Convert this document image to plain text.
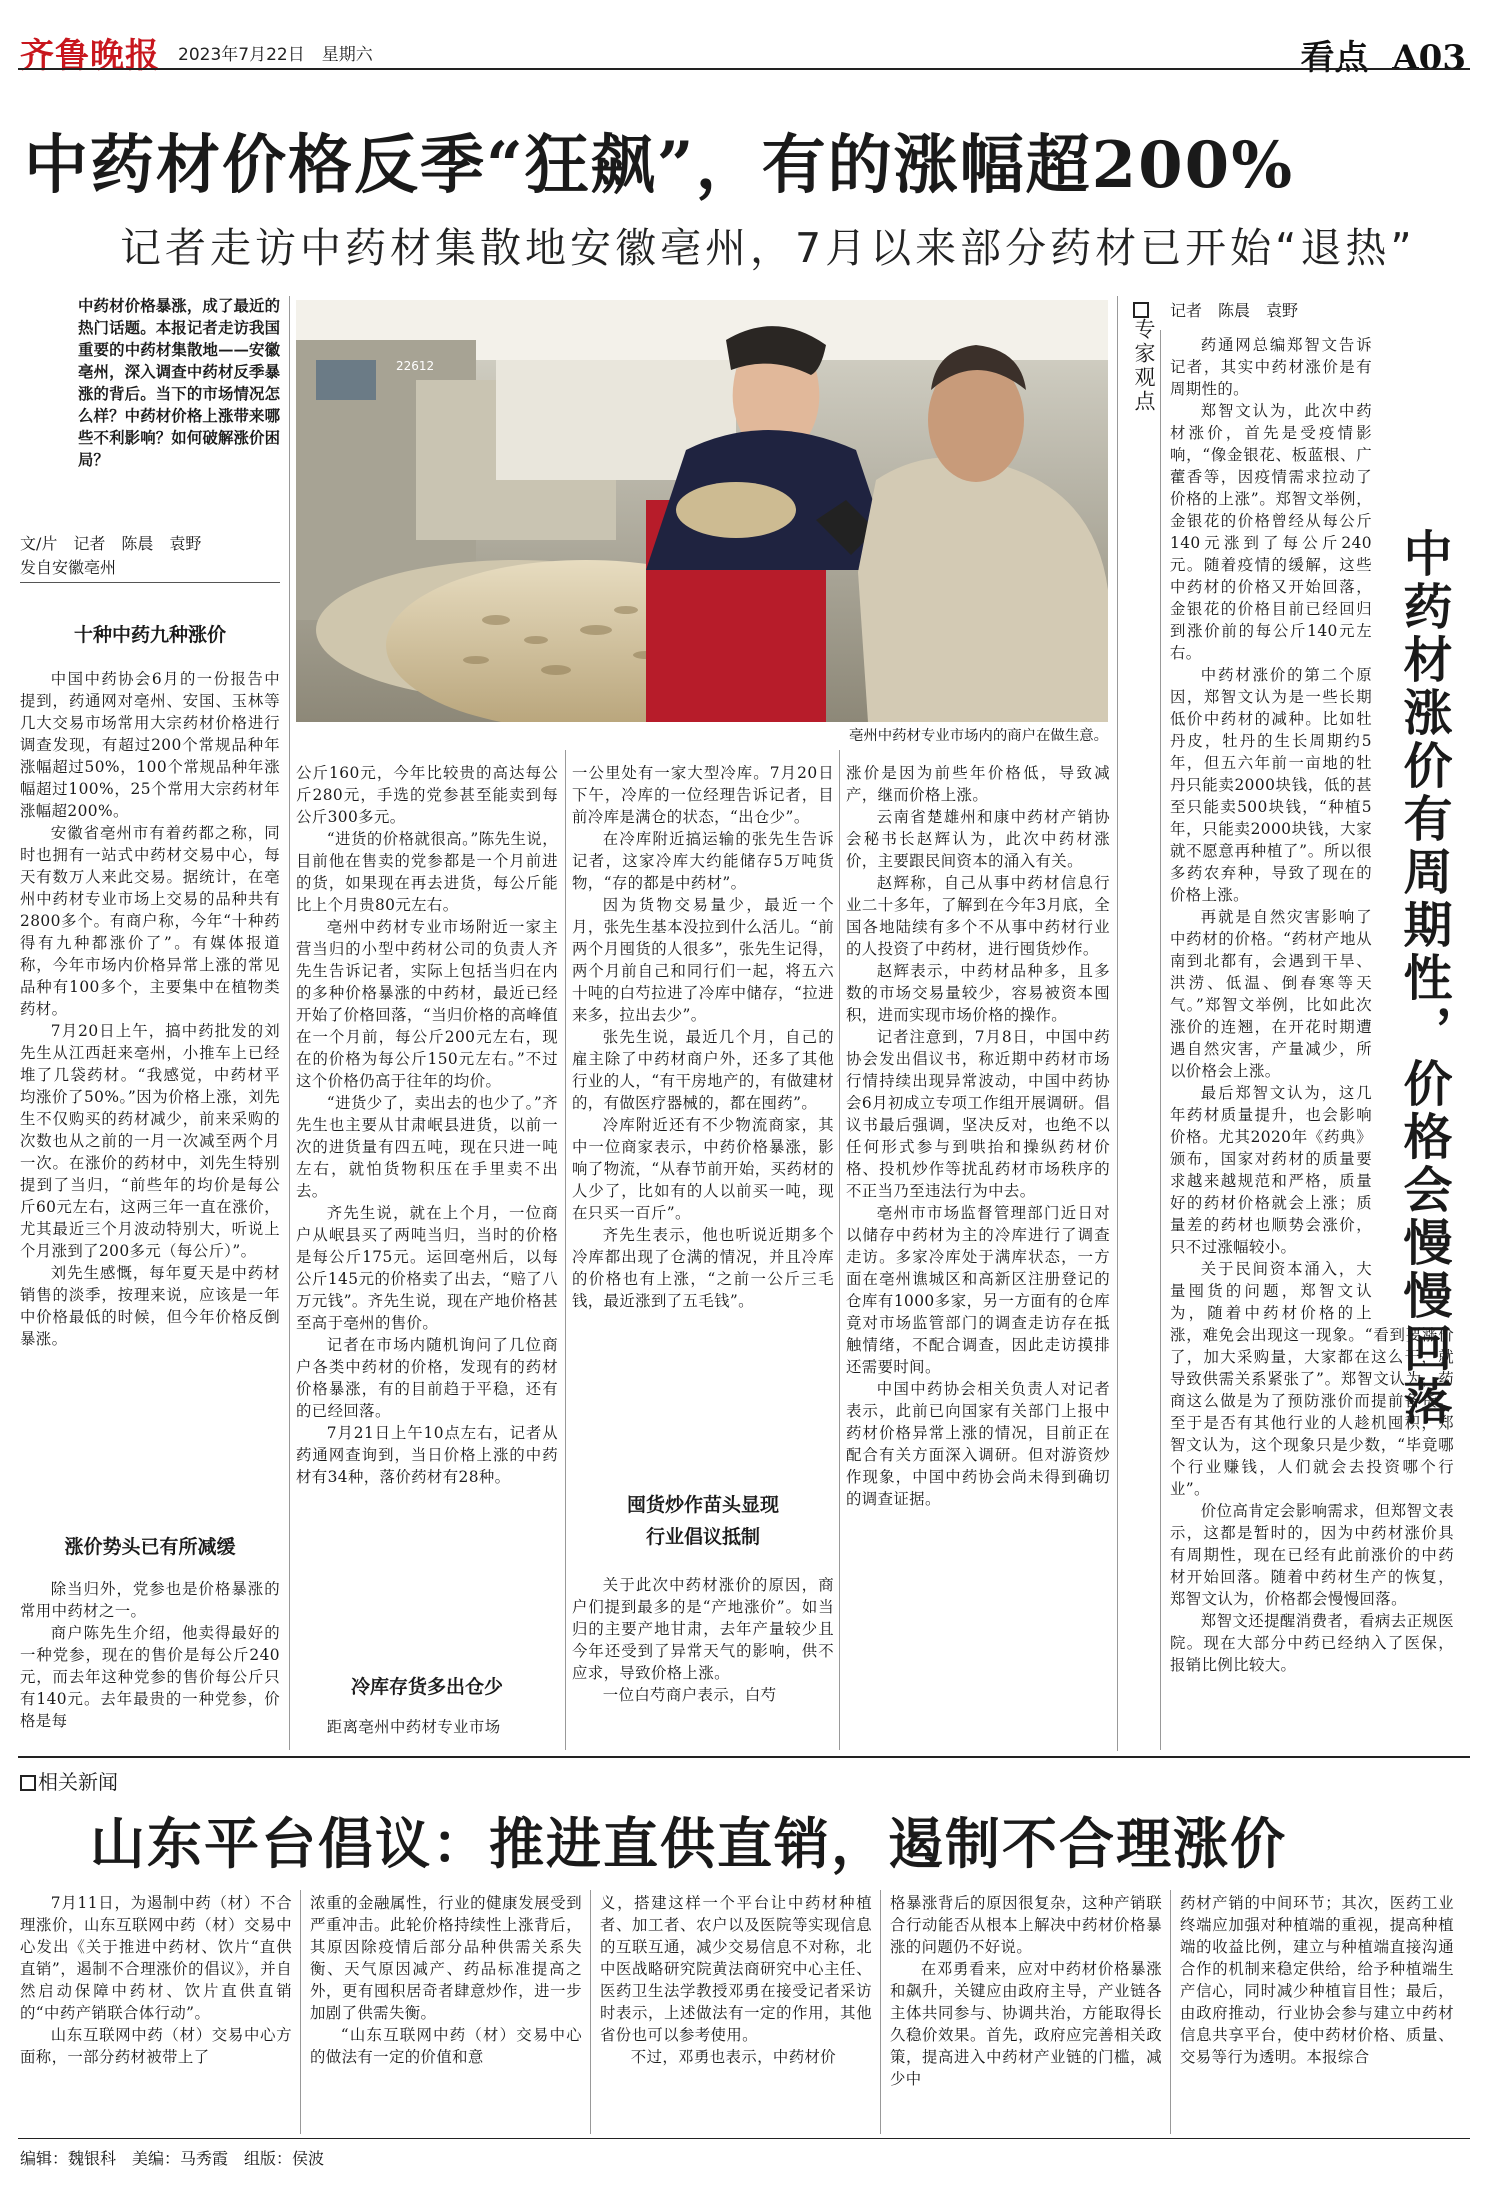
齐鲁晚报 2023年7月22日　星期六	看点 A03
中药材价格反季“狂飙”，有的涨幅超200%
记者走访中药材集散地安徽亳州，7月以来部分药材已开始“退热”
中药材价格暴涨，成了最近的热门话题。本报记者走访我国重要的中药材集散地——安徽亳州，深入调查中药材反季暴涨的背后。当下的市场情况怎么样？中药材价格上涨带来哪些不利影响？如何破解涨价困局？
文/片　记者　陈晨　袁野
发自安徽亳州
22612
亳州中药材专业市场内的商户在做生意。
十种中药九种涨价

中国中药协会6月的一份报告中提到，药通网对亳州、安国、玉林等几大交易市场常用大宗药材价格进行调查发现，有超过200个常规品种年涨幅超过50%，100个常规品种年涨幅超过100%，25个常用大宗药材年涨幅超200%。

安徽省亳州市有着药都之称，同时也拥有一站式中药材交易中心，每天有数万人来此交易。据统计，在亳州中药材专业市场上交易的品种共有2800多个。有商户称，今年“十种药得有九种都涨价了”。有媒体报道称，今年市场内价格异常上涨的常见品种有100多个，主要集中在植物类药材。

7月20日上午，搞中药批发的刘先生从江西赶来亳州，小推车上已经堆了几袋药材。“我感觉，中药材平均涨价了50%。”因为价格上涨，刘先生不仅购买的药材减少，前来采购的次数也从之前的一月一次减至两个月一次。在涨价的药材中，刘先生特别提到了当归，“前些年的均价是每公斤60元左右，这两三年一直在涨价，尤其最近三个月波动特别大，听说上个月涨到了200多元（每公斤）”。

刘先生感慨，每年夏天是中药材销售的淡季，按理来说，应该是一年中价格最低的时候，但今年价格反倒暴涨。

涨价势头已有所减缓

除当归外，党参也是价格暴涨的常用中药材之一。

商户陈先生介绍，他卖得最好的一种党参，现在的售价是每公斤240元，而去年这种党参的售价每公斤只有140元。去年最贵的一种党参，价格是每

公斤160元，今年比较贵的高达每公斤280元，手选的党参甚至能卖到每公斤300多元。

“进货的价格就很高。”陈先生说，目前他在售卖的党参都是一个月前进的货，如果现在再去进货，每公斤能比上个月贵80元左右。

亳州中药材专业市场附近一家主营当归的小型中药材公司的负责人齐先生告诉记者，实际上包括当归在内的多种价格暴涨的中药材，最近已经开始了价格回落，“当归价格的高峰值在一个月前，每公斤200元左右，现在的价格为每公斤150元左右。”不过这个价格仍高于往年的均价。

“进货少了，卖出去的也少了。”齐先生也主要从甘肃岷县进货，以前一次的进货量有四五吨，现在只进一吨左右，就怕货物积压在手里卖不出去。

齐先生说，就在上个月，一位商户从岷县买了两吨当归，当时的价格是每公斤175元。运回亳州后，以每公斤145元的价格卖了出去，“赔了八万元钱”。齐先生说，现在产地价格甚至高于亳州的售价。

记者在市场内随机询问了几位商户各类中药材的价格，发现有的药材价格暴涨，有的目前趋于平稳，还有的已经回落。

7月21日上午10点左右，记者从药通网查询到，当日价格上涨的中药材有34种，落价药材有28种。

冷库存货多出仓少

距离亳州中药材专业市场

一公里处有一家大型冷库。7月20日下午，冷库的一位经理告诉记者，目前冷库是满仓的状态，“出仓少”。

在冷库附近搞运输的张先生告诉记者，这家冷库大约能储存5万吨货物，“存的都是中药材”。

因为货物交易量少，最近一个月，张先生基本没拉到什么活儿。“前两个月囤货的人很多”，张先生记得，两个月前自己和同行们一起，将五六十吨的白芍拉进了冷库中储存，“拉进来多，拉出去少”。

张先生说，最近几个月，自己的雇主除了中药材商户外，还多了其他行业的人，“有干房地产的，有做建材的，有做医疗器械的，都在囤药”。

冷库附近还有不少物流商家，其中一位商家表示，中药价格暴涨，影响了物流，“从春节前开始，买药材的人少了，比如有的人以前买一吨，现在只买一百斤”。

齐先生表示，他也听说近期多个冷库都出现了仓满的情况，并且冷库的价格也有上涨，“之前一公斤三毛钱，最近涨到了五毛钱”。

囤货炒作苗头显现
行业倡议抵制

关于此次中药材涨价的原因，商户们提到最多的是“产地涨价”。如当归的主要产地甘肃，去年产量较少且今年还受到了异常天气的影响，供不应求，导致价格上涨。

一位白芍商户表示，白芍

涨价是因为前些年价格低，导致减产，继而价格上涨。

云南省楚雄州和康中药材产销协会秘书长赵辉认为，此次中药材涨价，主要跟民间资本的涌入有关。

赵辉称，自己从事中药材信息行业二十多年，了解到在今年3月底，全国各地陆续有多个不从事中药材行业的人投资了中药材，进行囤货炒作。

赵辉表示，中药材品种多，且多数的市场交易量较少，容易被资本囤积，进而实现市场价格的操作。

记者注意到，7月8日，中国中药协会发出倡议书，称近期中药材市场行情持续出现异常波动，中国中药协会6月初成立专项工作组开展调研。倡议书最后强调，坚决反对，也绝不以任何形式参与到哄抬和操纵药材价格、投机炒作等扰乱药材市场秩序的不正当乃至违法行为中去。

亳州市市场监督管理部门近日对以储存中药材为主的冷库进行了调查走访。多家冷库处于满库状态，一方面在亳州谯城区和高新区注册登记的仓库有1000多家，另一方面有的仓库竟对市场监管部门的调查走访存在抵触情绪，不配合调查，因此走访摸排还需要时间。

中国中药协会相关负责人对记者表示，此前已向国家有关部门上报中药材价格异常上涨的情况，目前正在配合有关方面深入调研。但对游资炒作现象，中国中药协会尚未得到确切的调查证据。

专家观点
记者　陈晨　袁野
中药材涨价有周期性，价格会慢慢回落

药通网总编郑智文告诉记者，其实中药材涨价是有周期性的。

郑智文认为，此次中药材涨价，首先是受疫情影响，“像金银花、板蓝根、广藿香等，因疫情需求拉动了价格的上涨”。郑智文举例，金银花的价格曾经从每公斤140元涨到了每公斤240元。随着疫情的缓解，这些中药材的价格又开始回落，金银花的价格目前已经回归到涨价前的每公斤140元左右。

中药材涨价的第二个原因，郑智文认为是一些长期低价中药材的减种。比如牡丹皮，牡丹的生长周期约5年，但五六年前一亩地的牡丹只能卖2000块钱，低的甚至只能卖500块钱，“种植5年，只能卖2000块钱，大家就不愿意再种植了”。所以很多药农弃种，导致了现在的价格上涨。

再就是自然灾害影响了中药材的价格。“药材产地从南到北都有，会遇到干旱、洪涝、低温、倒春寒等天气。”郑智文举例，比如此次涨价的连翘，在开花时期遭遇自然灾害，产量减少，所以价格会上涨。

最后郑智文认为，这几年药材质量提升，也会影响价格。尤其2020年《药典》颁布，国家对药材的质量要求越来越规范和严格，质量好的药材价格就会上涨；质量差的药材也顺势会涨价，只不过涨幅较小。

关于民间资本涌入，大量囤货的问题，郑智文认为，随着中药材价格的上涨，难免会出现这一现象。“看到要涨价了，加大采购量，大家都在这么干，就导致供需关系紧张了”。郑智文认为，药商这么做是为了预防涨价而提前备货。至于是否有其他行业的人趁机囤积，郑智文认为，这个现象只是少数，“毕竟哪个行业赚钱，人们就会去投资哪个行业”。

价位高肯定会影响需求，但郑智文表示，这都是暂时的，因为中药材涨价具有周期性，现在已经有此前涨价的中药材开始回落。随着中药材生产的恢复，郑智文认为，价格都会慢慢回落。

郑智文还提醒消费者，看病去正规医院。现在大部分中药已经纳入了医保，报销比例比较大。

相关新闻
山东平台倡议：推进直供直销，遏制不合理涨价

7月11日，为遏制中药（材）不合理涨价，山东互联网中药（材）交易中心发出《关于推进中药材、饮片“直供直销”，遏制不合理涨价的倡议》，并自然启动保障中药材、饮片直供直销的“中药产销联合体行动”。

山东互联网中药（材）交易中心方面称，一部分药材被带上了

浓重的金融属性，行业的健康发展受到严重冲击。此轮价格持续性上涨背后，其原因除疫情后部分品种供需关系失衡、天气原因减产、药品标准提高之外，更有囤积居奇者肆意炒作，进一步加剧了供需失衡。

“山东互联网中药（材）交易中心的做法有一定的价值和意

义，搭建这样一个平台让中药材种植者、加工者、农户以及医院等实现信息的互联互通，减少交易信息不对称，北中医战略研究院黄法商研究中心主任、医药卫生法学教授邓勇在接受记者采访时表示，上述做法有一定的作用，其他省份也可以参考使用。

不过，邓勇也表示，中药材价

格暴涨背后的原因很复杂，这种产销联合行动能否从根本上解决中药材价格暴涨的问题仍不好说。

在邓勇看来，应对中药材价格暴涨和飙升，关键应由政府主导，产业链各主体共同参与、协调共治，方能取得长久稳价效果。首先，政府应完善相关政策，提高进入中药材产业链的门槛，减少中

药材产销的中间环节；其次，医药工业终端应加强对种植端的重视，提高种植端的收益比例，建立与种植端直接沟通合作的机制来稳定供给，给予种植端生产信心，同时减少种植盲目性；最后，由政府推动，行业协会参与建立中药材信息共享平台，使中药材价格、质量、交易等行为透明。本报综合

编辑：魏银科　美编：马秀霞　组版：侯波
